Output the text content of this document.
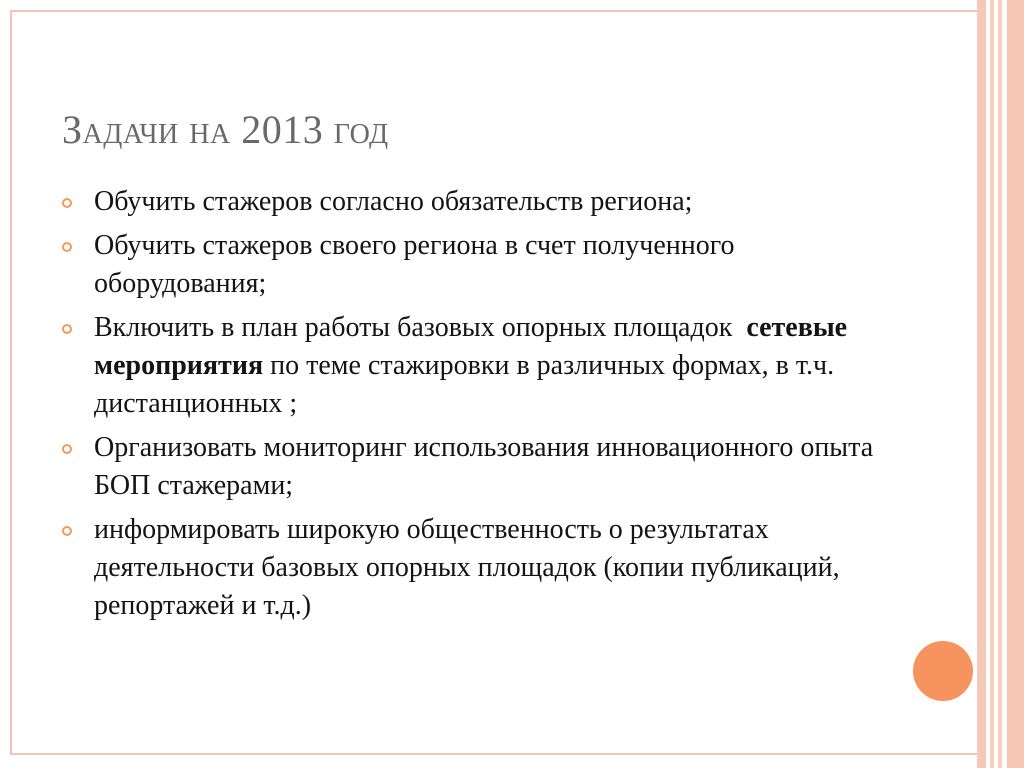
Задачи на 2013 год
Обучить стажеров согласно обязательств региона;
Обучить стажеров своего региона в счет полученного оборудования;
Включить в план работы базовых опорных площадок  сетевые мероприятия по теме стажировки в различных формах, в т.ч. дистанционных ;
Организовать мониторинг использования инновационного опыта БОП стажерами;
информировать широкую общественность о результатах деятельности базовых опорных площадок (копии публикаций, репортажей и т.д.)
